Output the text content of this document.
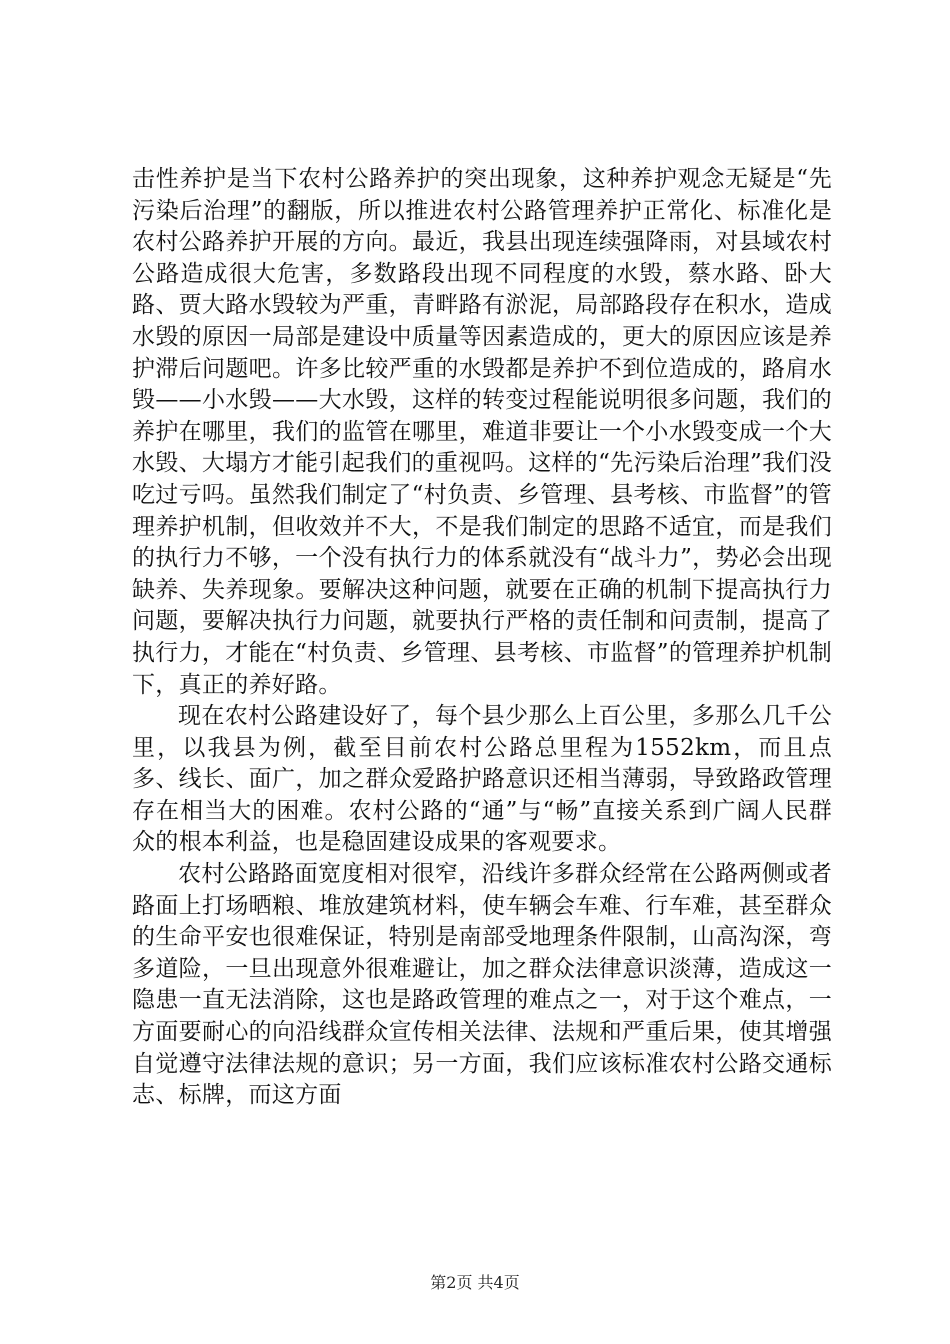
击性养护是当下农村公路养护的突出现象，这种养护观念无疑是“先污染后治理”的翻版，所以推进农村公路管理养护正常化、标准化是农村公路养护开展的方向。最近，我县出现连续强降雨，对县域农村公路造成很大危害，多数路段出现不同程度的水毁，蔡水路、卧大路、贾大路水毁较为严重，青畔路有淤泥，局部路段存在积水，造成水毁的原因一局部是建设中质量等因素造成的，更大的原因应该是养护滞后问题吧。许多比较严重的水毁都是养护不到位造成的，路肩水毁——小水毁——大水毁，这样的转变过程能说明很多问题，我们的养护在哪里，我们的监管在哪里，难道非要让一个小水毁变成一个大水毁、大塌方才能引起我们的重视吗。这样的“先污染后治理”我们没吃过亏吗。虽然我们制定了“村负责、乡管理、县考核、市监督”的管理养护机制，但收效并不大，不是我们制定的思路不适宜，而是我们的执行力不够，一个没有执行力的体系就没有“战斗力”，势必会出现缺养、失养现象。要解决这种问题，就要在正确的机制下提高执行力问题，要解决执行力问题，就要执行严格的责任制和问责制，提高了执行力，才能在“村负责、乡管理、县考核、市监督”的管理养护机制下，真正的养好路。

现在农村公路建设好了，每个县少那么上百公里，多那么几千公里，以我县为例，截至目前农村公路总里程为1552km，而且点多、线长、面广，加之群众爱路护路意识还相当薄弱，导致路政管理存在相当大的困难。农村公路的“通”与“畅”直接关系到广阔人民群众的根本利益，也是稳固建设成果的客观要求。

农村公路路面宽度相对很窄，沿线许多群众经常在公路两侧或者路面上打场晒粮、堆放建筑材料，使车辆会车难、行车难，甚至群众的生命平安也很难保证，特别是南部受地理条件限制，山高沟深，弯多道险，一旦出现意外很难避让，加之群众法律意识淡薄，造成这一隐患一直无法消除，这也是路政管理的难点之一，对于这个难点，一方面要耐心的向沿线群众宣传相关法律、法规和严重后果，使其增强自觉遵守法律法规的意识；另一方面，我们应该标准农村公路交通标志、标牌，而这方面

第2页 共4页
